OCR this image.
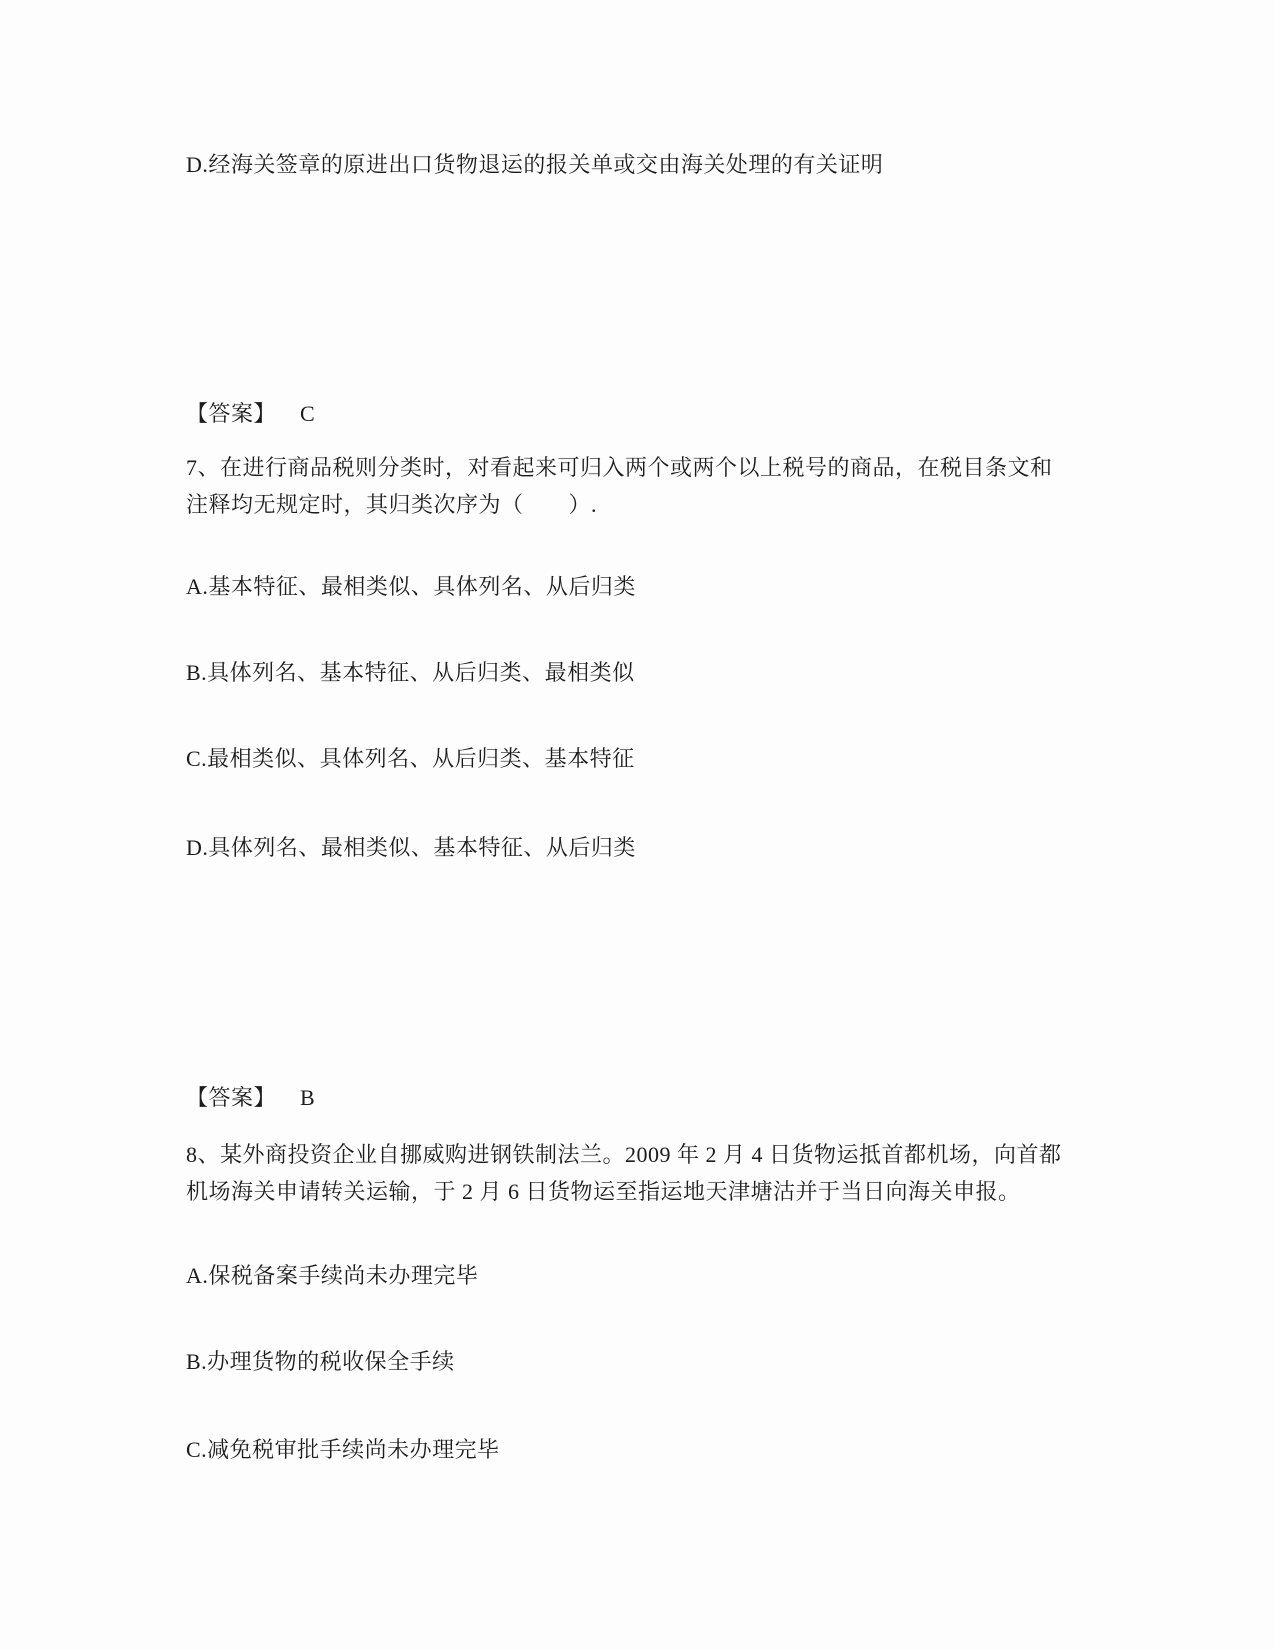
D.经海关签章的原进出口货物退运的报关单或交由海关处理的有关证明
【答案】 C
7、在进行商品税则分类时，对看起来可归入两个或两个以上税号的商品，在税目条文和
注释均无规定时，其归类次序为（　　）.
A.基本特征、最相类似、具体列名、从后归类
B.具体列名、基本特征、从后归类、最相类似
C.最相类似、具体列名、从后归类、基本特征
D.具体列名、最相类似、基本特征、从后归类
【答案】 B
8、某外商投资企业自挪威购进钢铁制法兰。2009 年 2 月 4 日货物运抵首都机场，向首都
机场海关申请转关运输，于 2 月 6 日货物运至指运地天津塘沽并于当日向海关申报。
A.保税备案手续尚未办理完毕
B.办理货物的税收保全手续
C.减免税审批手续尚未办理完毕
